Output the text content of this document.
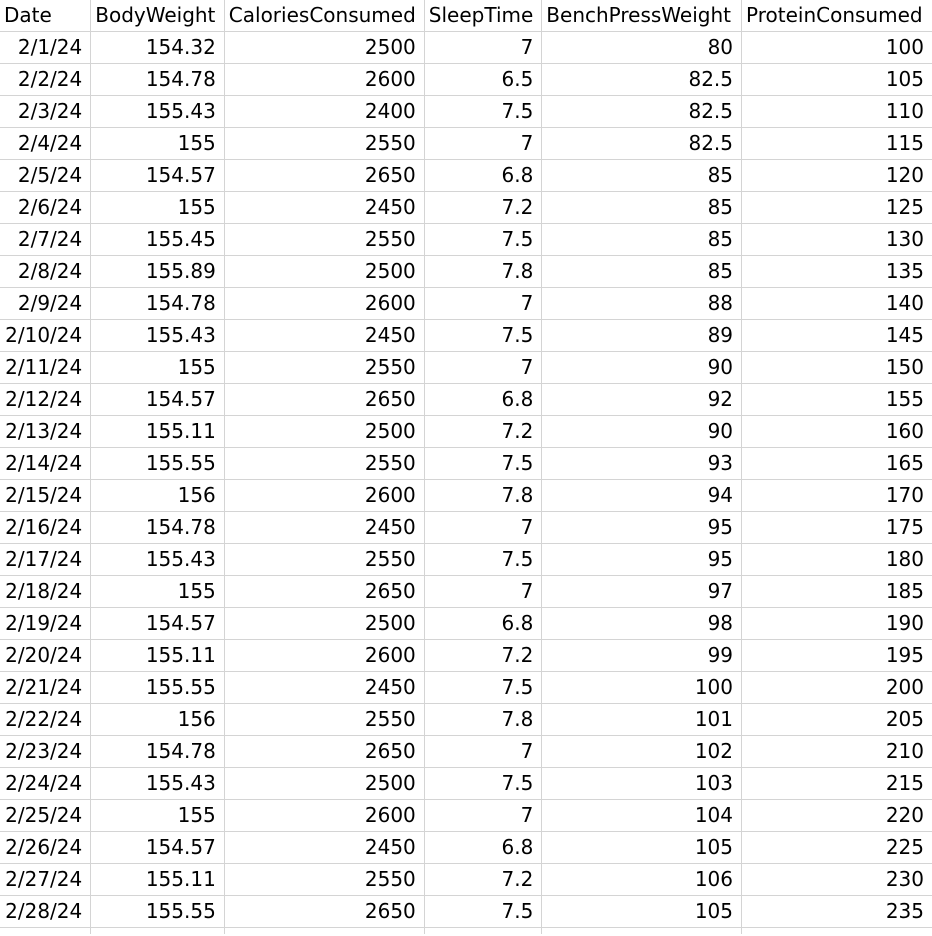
Date	BodyWeight	CaloriesConsumed	SleepTime	BenchPressWeight	ProteinConsumed
2/1/24	154.32	2500	7	80	100
2/2/24	154.78	2600	6.5	82.5	105
2/3/24	155.43	2400	7.5	82.5	110
2/4/24	155	2550	7	82.5	115
2/5/24	154.57	2650	6.8	85	120
2/6/24	155	2450	7.2	85	125
2/7/24	155.45	2550	7.5	85	130
2/8/24	155.89	2500	7.8	85	135
2/9/24	154.78	2600	7	88	140
2/10/24	155.43	2450	7.5	89	145
2/11/24	155	2550	7	90	150
2/12/24	154.57	2650	6.8	92	155
2/13/24	155.11	2500	7.2	90	160
2/14/24	155.55	2550	7.5	93	165
2/15/24	156	2600	7.8	94	170
2/16/24	154.78	2450	7	95	175
2/17/24	155.43	2550	7.5	95	180
2/18/24	155	2650	7	97	185
2/19/24	154.57	2500	6.8	98	190
2/20/24	155.11	2600	7.2	99	195
2/21/24	155.55	2450	7.5	100	200
2/22/24	156	2550	7.8	101	205
2/23/24	154.78	2650	7	102	210
2/24/24	155.43	2500	7.5	103	215
2/25/24	155	2600	7	104	220
2/26/24	154.57	2450	6.8	105	225
2/27/24	155.11	2550	7.2	106	230
2/28/24	155.55	2650	7.5	105	235
